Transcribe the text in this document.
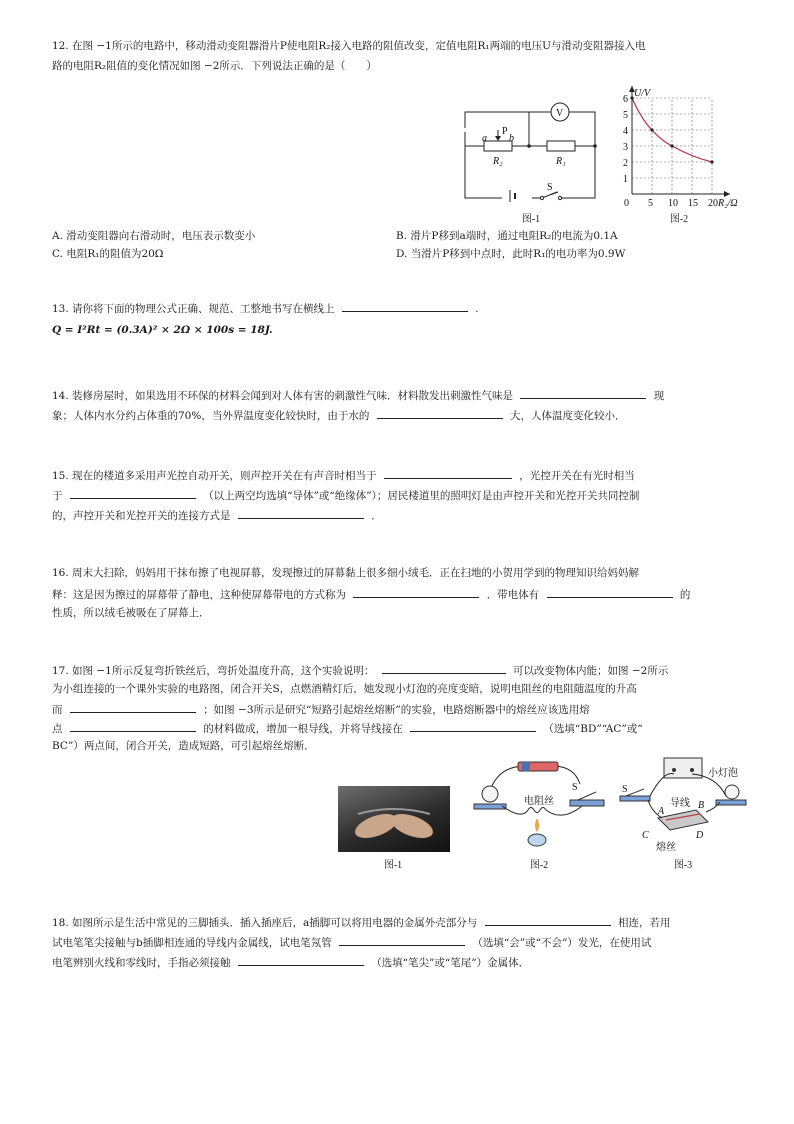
12. 在图 −1所示的电路中，移动滑动变阻器滑片P使电阻R₂接入电路的阻值改变，定值电阻R₁两端的电压U与滑动变阻器接入电
路的电阻R₂阻值的变化情况如图 −2所示．下列说法正确的是（　　）
a
P
b
R₂	R₁
V
S
图-1
1
2
3
4
5
6
5 10 15 20
U/V
R₂/Ω
0
图-2
A. 滑动变阻器向右滑动时，电压表示数变小	B. 滑片P移到a端时，通过电阻R₂的电流为0.1A
C. 电阻R₁的阻值为20Ω	D. 当滑片P移到中点时，此时R₁的电功率为0.9W
13. 请你将下面的物理公式正确、规范、工整地书写在横线上	.
Q = I²Rt = (0.3A)² × 2Ω × 100s = 18J.
14. 装修房屋时，如果选用不环保的材料会闻到对人体有害的刺激性气味．材料散发出刺激性气味是	现
象；人体内水分约占体重的70%，当外界温度变化较快时，由于水的	大，人体温度变化较小．
15. 现在的楼道多采用声光控自动开关，则声控开关在有声音时相当于	，光控开关在有光时相当
于	（以上两空均选填“导体”或“绝缘体”）；居民楼道里的照明灯是由声控开关和光控开关共同控制
的，声控开关和光控开关的连接方式是	．
16. 周末大扫除，妈妈用干抹布擦了电视屏幕，发现擦过的屏幕黏上很多细小绒毛．正在扫地的小贺用学到的物理知识给妈妈解
释：这是因为擦过的屏幕带了静电，这种使屏幕带电的方式称为	．带电体有	的
性质，所以绒毛被吸在了屏幕上．
17. 如图 −1所示反复弯折铁丝后，弯折处温度升高，这个实验说明：	可以改变物体内能；如图 −2所示
为小组连接的一个课外实验的电路图，闭合开关S，点燃酒精灯后，她发现小灯泡的亮度变暗，说明电阻丝的电阻随温度的升高
而	；如图 −3所示是研究“短路引起熔丝熔断”的实验，电路熔断器中的熔丝应该选用熔
点	的材料做成，增加一根导线，并将导线接在	（选填“BD”“AC”或“
BC”）两点间，闭合开关，造成短路，可引起熔丝熔断．
图-1
S
电阻丝
图-2
A
B
C	D
S
小灯泡
导线
熔丝
图-3
18. 如图所示是生活中常见的三脚插头．插入插座后，a插脚可以将用电器的金属外壳部分与	相连，若用
试电笔笔尖接触与b插脚相连通的导线内金属线，试电笔氖管	（选填“会”或“不会”）发光，在使用试
电笔辨别火线和零线时，手指必须接触	（选填“笔尖”或“笔尾”）金属体．
